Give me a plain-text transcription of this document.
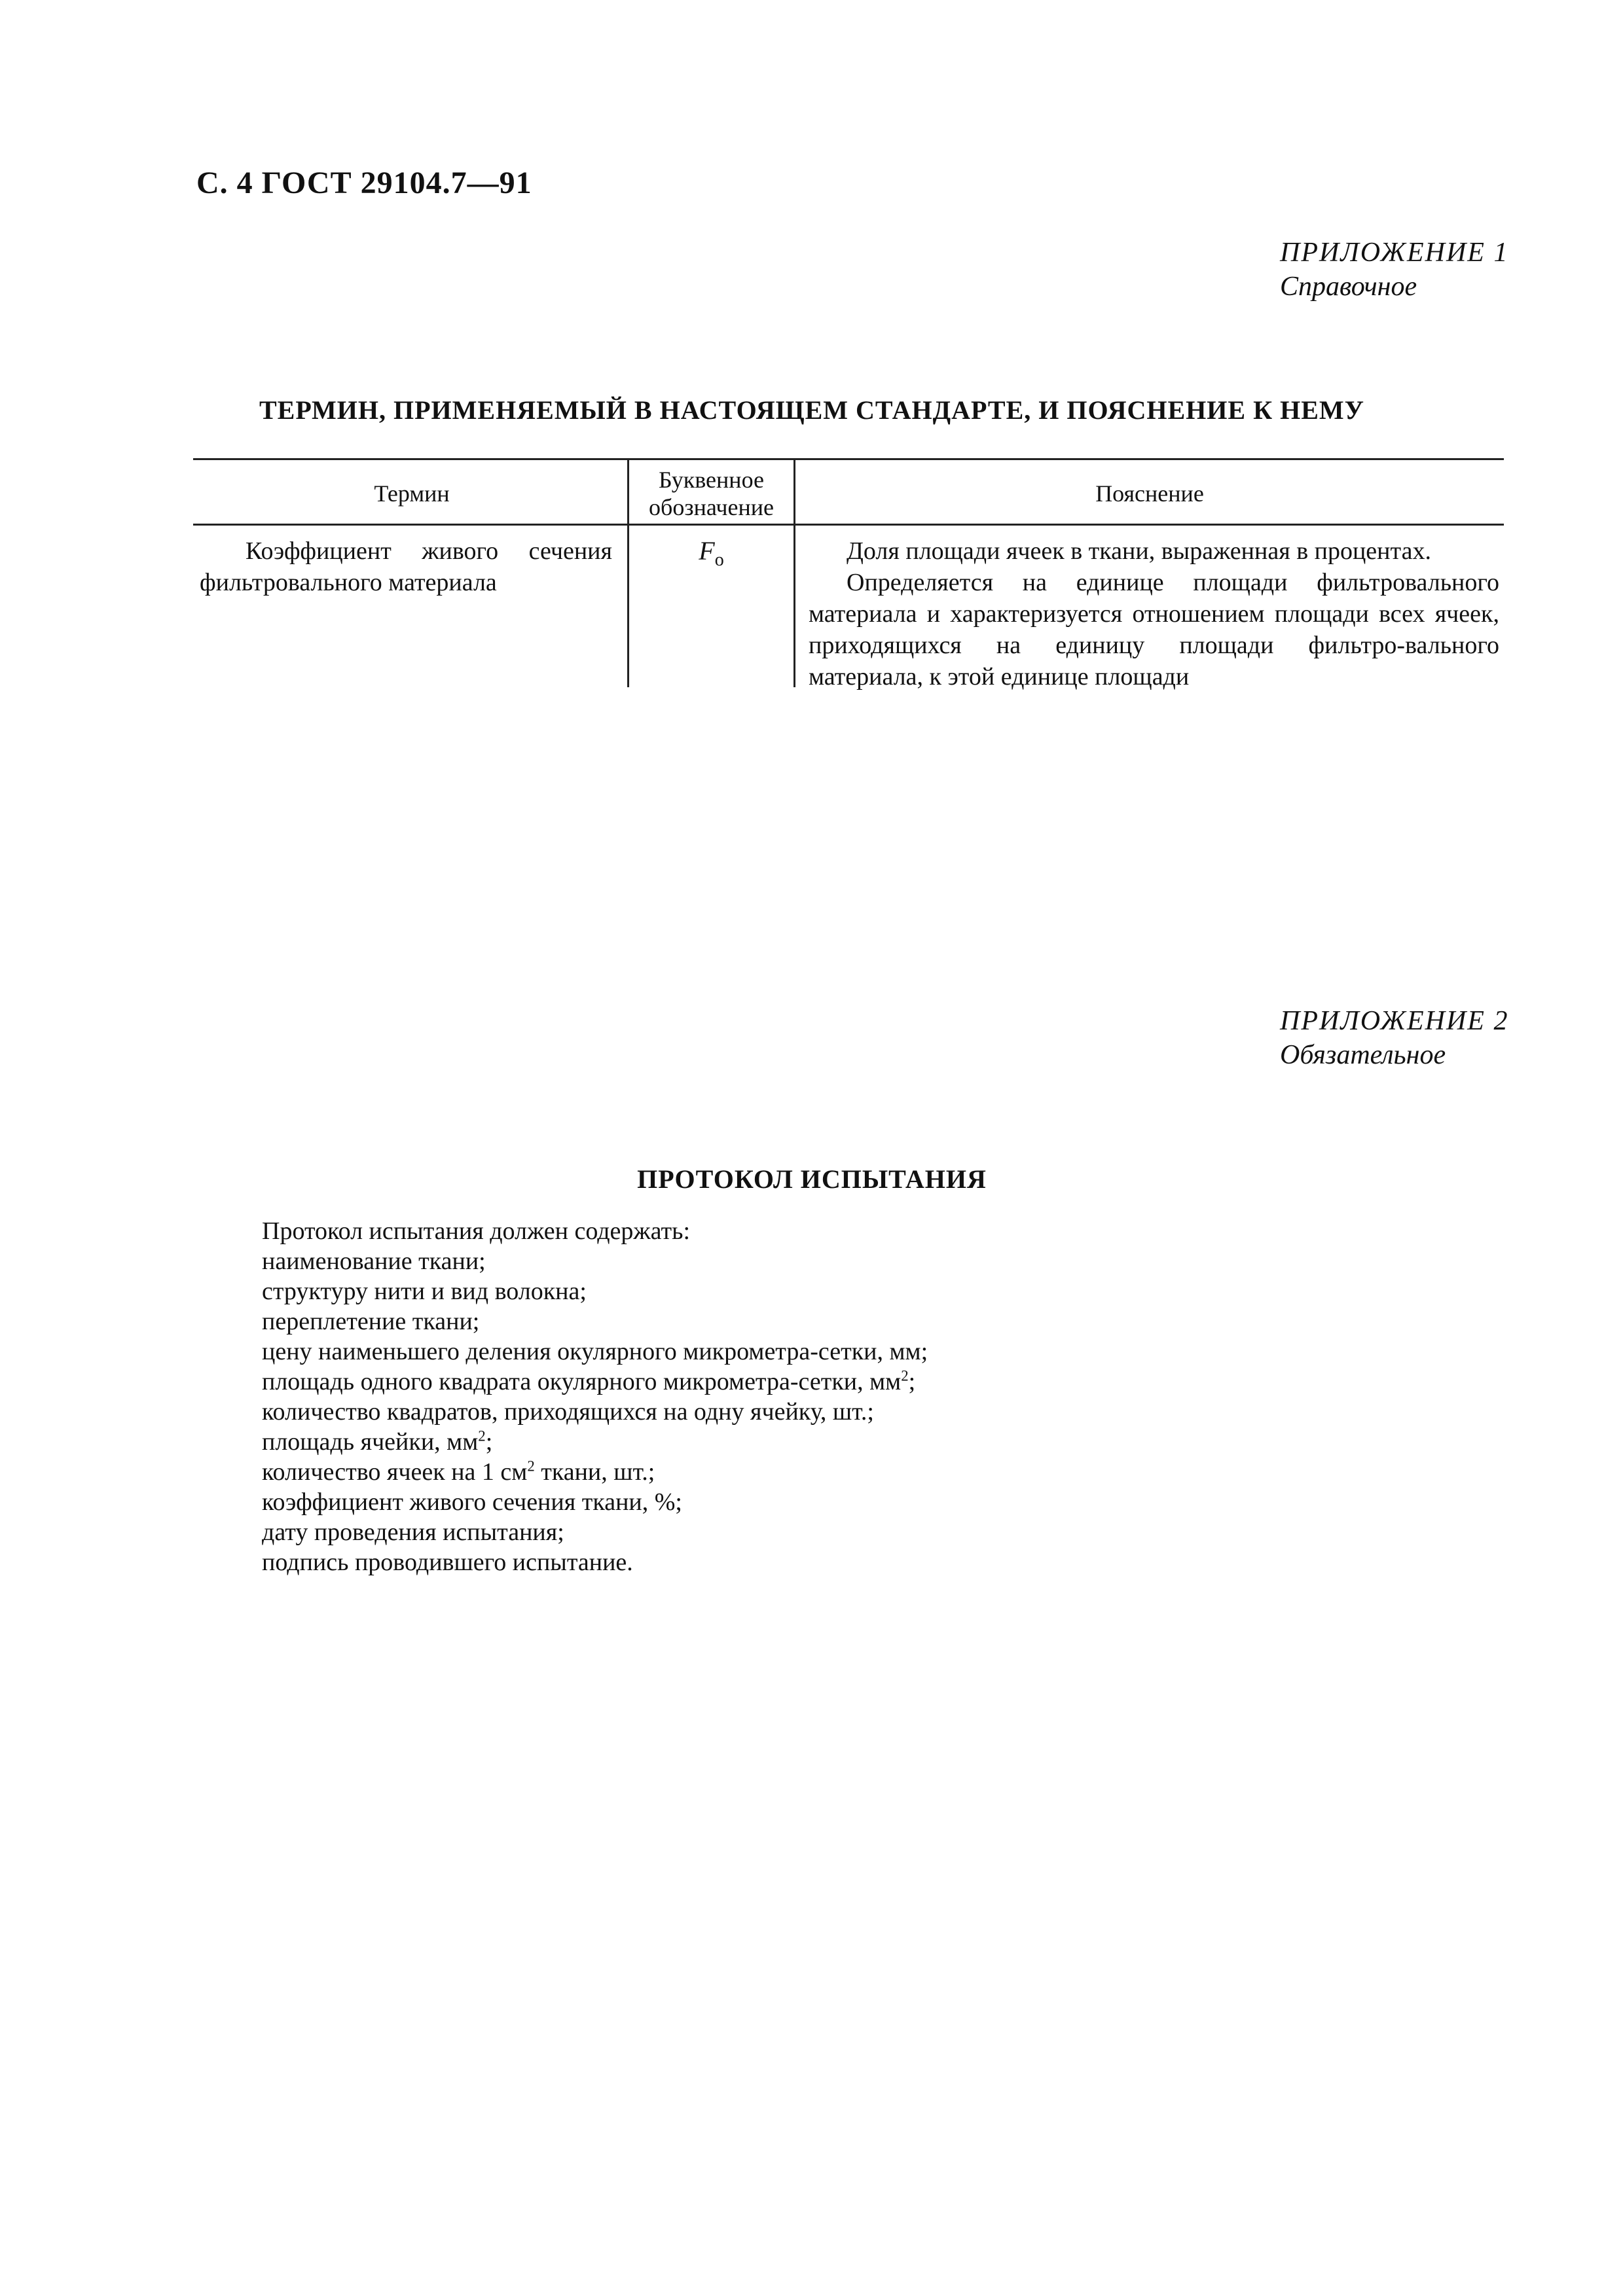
С. 4 ГОСТ 29104.7—91
ПРИЛОЖЕНИЕ 1
Справочное
ТЕРМИН, ПРИМЕНЯЕМЫЙ В НАСТОЯЩЕМ СТАНДАРТЕ, И ПОЯСНЕНИЕ К НЕМУ
Термин
Буквенное
обозначение
Пояснение
Коэффициент живого сечения фильтровального материала
$F_o$	Доля площади ячеек в ткани, выраженная в процентах.
Определяется на единице площади фильтровального материала и характеризуется отношением площади всех ячеек, приходящихся на единицу площади фильтро-вального материала, к этой единице площади
ПРИЛОЖЕНИЕ 2
Обязательное
ПРОТОКОЛ ИСПЫТАНИЯ
Протокол испытания должен содержать:
наименование ткани;
структуру нити и вид волокна;
переплетение ткани;
цену наименьшего деления окулярного микрометра-сетки, мм;
площадь одного квадрата окулярного микрометра-сетки, $мм^2$;
количество квадратов, приходящихся на одну ячейку, шт.;
площадь ячейки, $мм^2$;
количество ячеек на 1 $см^2$ ткани, шт.;
коэффициент живого сечения ткани, %;
дату проведения испытания;
подпись проводившего испытание.
